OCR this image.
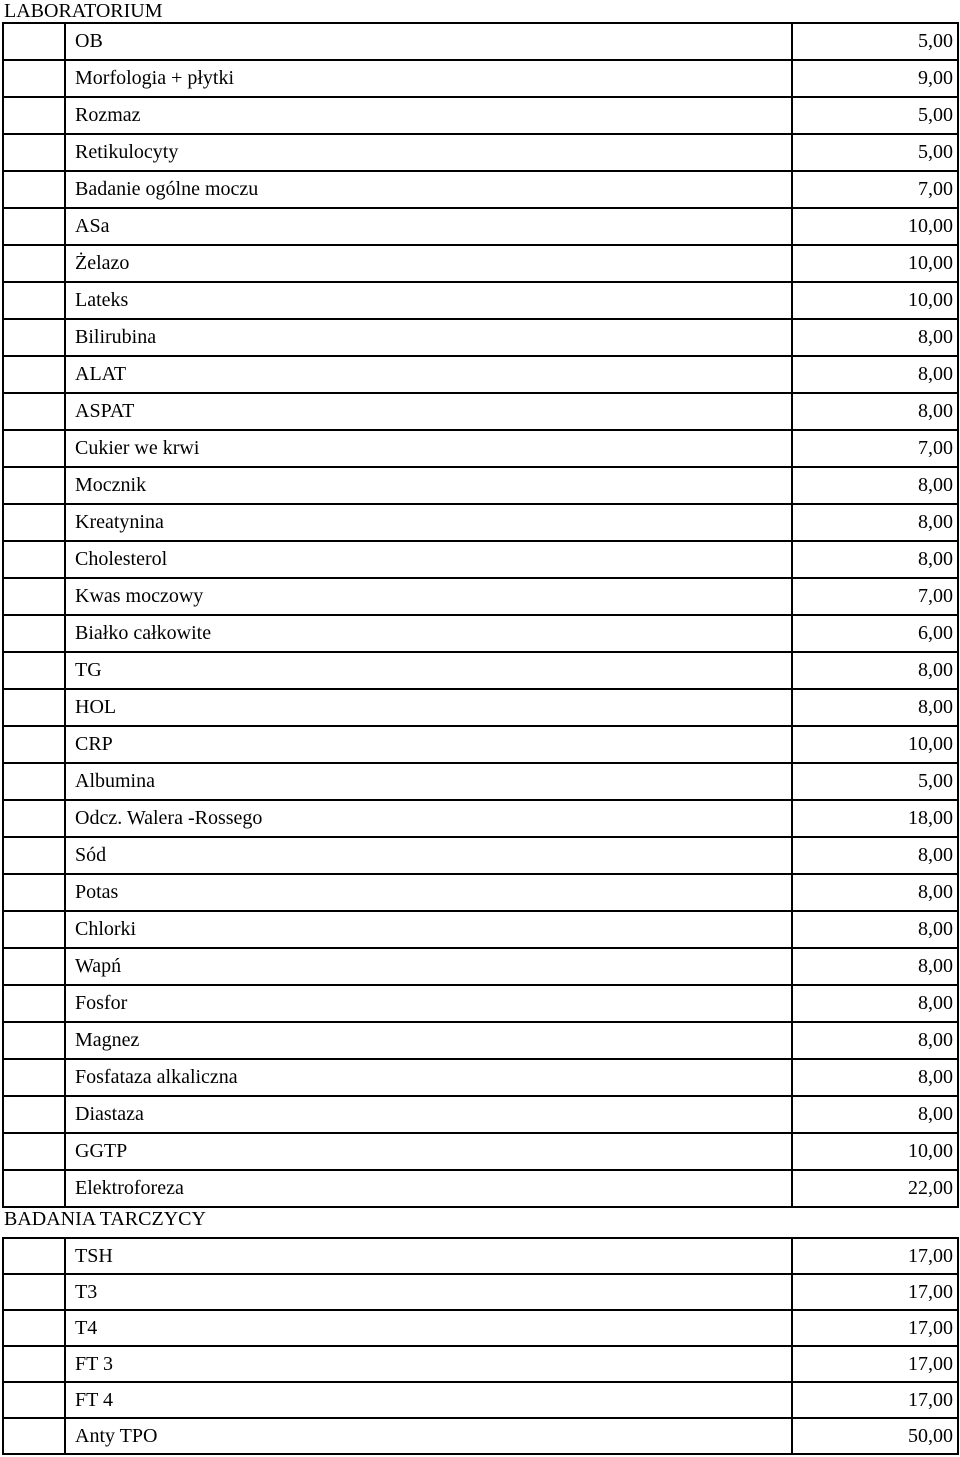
LABORATORIUM
	OB	5,00
	Morfologia + płytki	9,00
	Rozmaz	5,00
	Retikulocyty	5,00
	Badanie ogólne moczu	7,00
	ASa	10,00
	Żelazo	10,00
	Lateks	10,00
	Bilirubina	8,00
	ALAT	8,00
	ASPAT	8,00
	Cukier we krwi	7,00
	Mocznik	8,00
	Kreatynina	8,00
	Cholesterol	8,00
	Kwas moczowy	7,00
	Białko całkowite	6,00
	TG	8,00
	HOL	8,00
	CRP	10,00
	Albumina	5,00
	Odcz. Walera -Rossego	18,00
	Sód	8,00
	Potas	8,00
	Chlorki	8,00
	Wapń	8,00
	Fosfor	8,00
	Magnez	8,00
	Fosfataza alkaliczna	8,00
	Diastaza	8,00
	GGTP	10,00
	Elektroforeza	22,00
BADANIA TARCZYCY
	TSH	17,00
	T3	17,00
	T4	17,00
	FT 3	17,00
	FT 4	17,00
	Anty TPO	50,00
